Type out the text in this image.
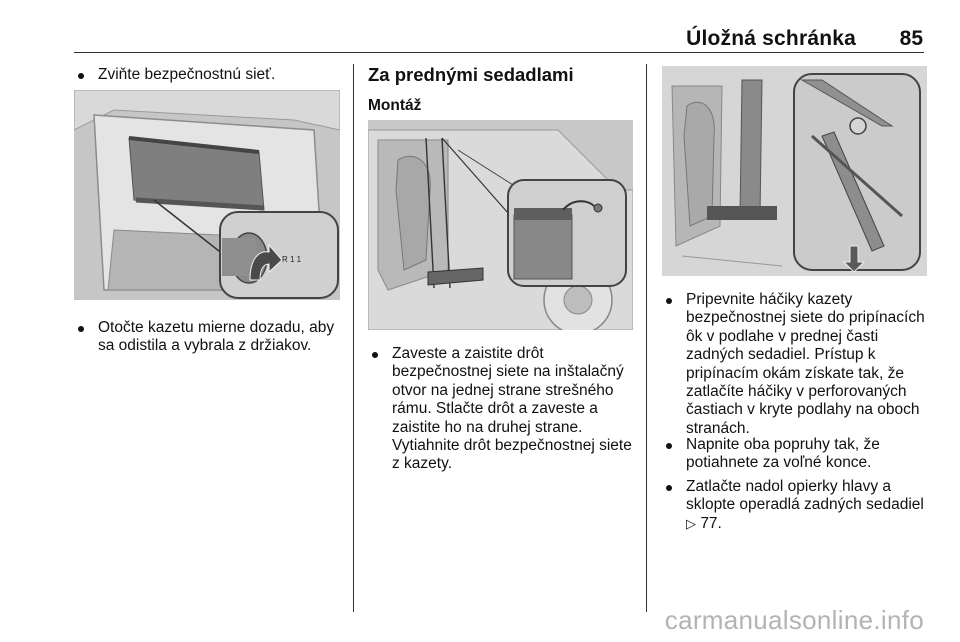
Úložná schránka 85
Zviňte bezpečnostnú sieť.
R 1 1
Otočte kazetu mierne dozadu, aby sa odistila a vybrala z držiakov.
Za prednými sedadlami
Montáž
Zaveste a zaistite drôt bezpečnostnej siete na inštalačný otvor na jednej strane strešného rámu. Stlačte drôt a zaveste a zaistite ho na druhej strane. Vytiahnite drôt bezpečnostnej siete z kazety.
Pripevnite háčiky kazety bezpečnostnej siete do pripínacích ôk v podlahe v prednej časti zadných sedadiel. Prístup k pripínacím okám získate tak, že zatlačíte háčiky v perforovaných častiach v kryte podlahy na oboch stranách.
Napnite oba popruhy tak, že potiahnete za voľné konce.
Zatlačte nadol opierky hlavy a sklopte operadlá zadných sedadiel ▷ 77.
carmanualsonline.info
